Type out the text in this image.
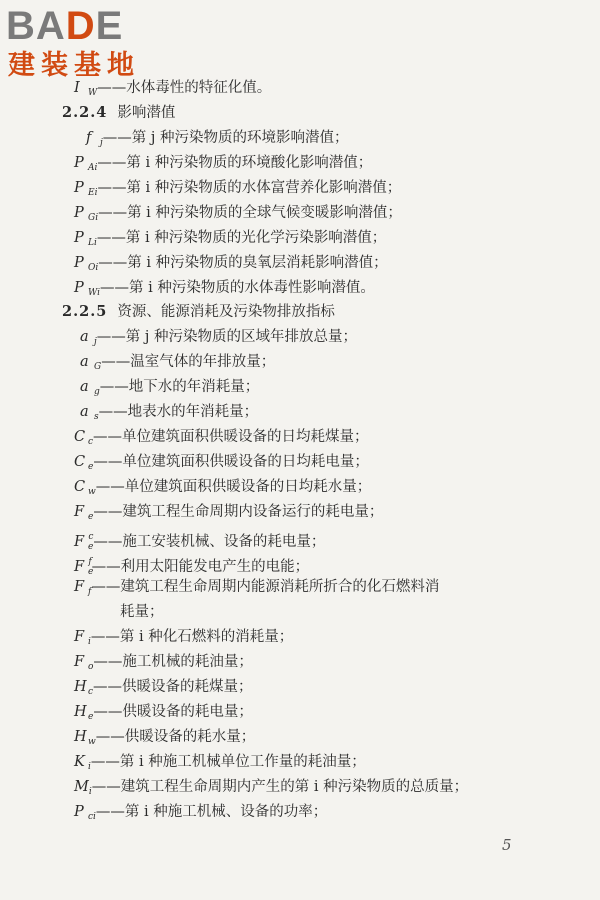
BADE
建装基地
I $_W$——水体毒性的特征化值。
2.2.4 影响潜值
f $_j$——第 j 种污染物质的环境影响潜值；
P $_{Ai}$——第 i 种污染物质的环境酸化影响潜值；
P $_{Ei}$——第 i 种污染物质的水体富营养化影响潜值；
P $_{Gi}$——第 i 种污染物质的全球气候变暖影响潜值；
P $_{Li}$——第 i 种污染物质的光化学污染影响潜值；
P $_{Oi}$——第 i 种污染物质的臭氧层消耗影响潜值；
P $_{Wi}$——第 i 种污染物质的水体毒性影响潜值。
2.2.5 资源、能源消耗及污染物排放指标
a $_j$——第 j 种污染物质的区域年排放总量；
a $_G$——温室气体的年排放量；
a $_g$——地下水的年消耗量；
a $_s$——地表水的年消耗量；
C $_c$——单位建筑面积供暖设备的日均耗煤量；
C $_e$——单位建筑面积供暖设备的日均耗电量；
C $_w$——单位建筑面积供暖设备的日均耗水量；
F $_e$——建筑工程生命周期内设备运行的耗电量；
F $_e^c$——施工安装机械、设备的耗电量；
F $_e^f$——利用太阳能发电产生的电能；
F $_f$——建筑工程生命周期内能源消耗所折合的化石燃料消
耗量；
F $_i$——第 i 种化石燃料的消耗量；
F $_o$——施工机械的耗油量；
$H_c——$供暖设备的耗煤量；
$H_e——$供暖设备的耗电量；
$H_w——$供暖设备的耗水量；
K $_i$——第 i 种施工机械单位工作量的耗油量；
$M_i——$建筑工程生命周期内产生的第 i 种污染物质的总质量；
P $_{ci}$——第 i 种施工机械、设备的功率；
5
